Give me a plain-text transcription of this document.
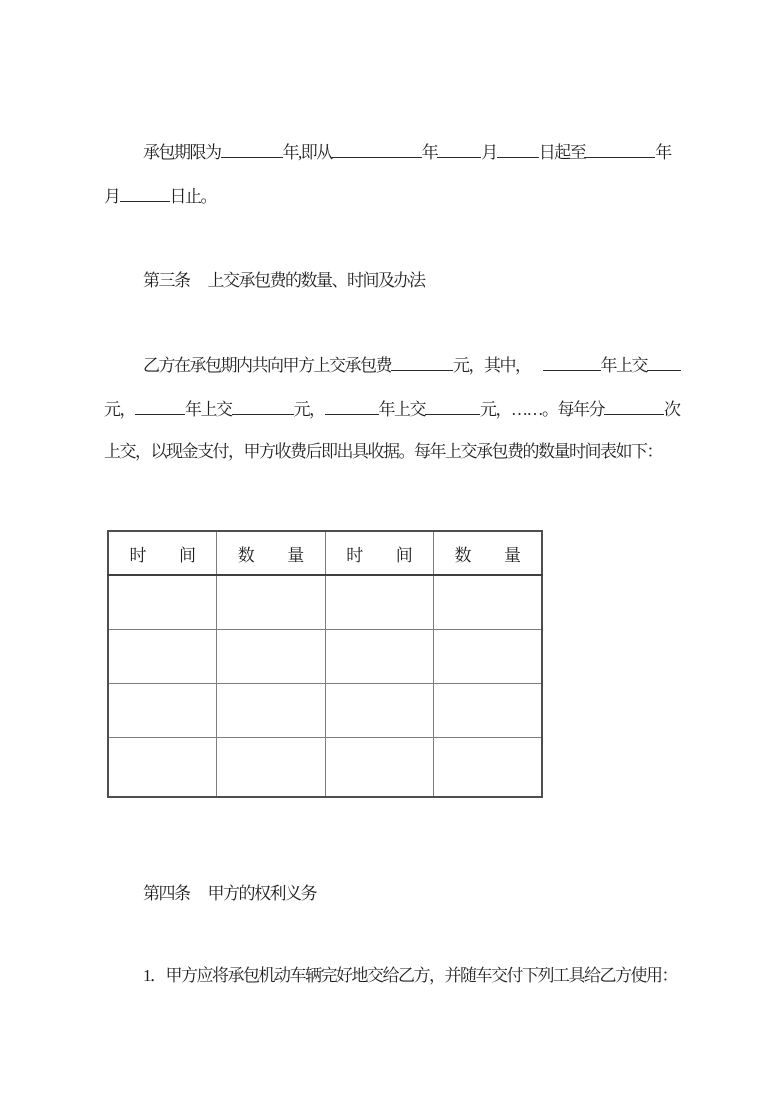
承包期限为	年,即从	年	月 日起至	年
月	日止。
第三条 上交承包费的数量、时间及办法
乙方在承包期内共向甲方上交承包费	元，其中，	年上交
元，	年上交	元，	年上交	元，……。每年分	次
上交，以现金支付，甲方收费后即出具收据。每年上交承包费的数量时间表如下：
时　　间	数　　量	时　　间	数　　量

第四条 甲方的权利义务
1．甲方应将承包机动车辆完好地交给乙方，并随车交付下列工具给乙方使用：
